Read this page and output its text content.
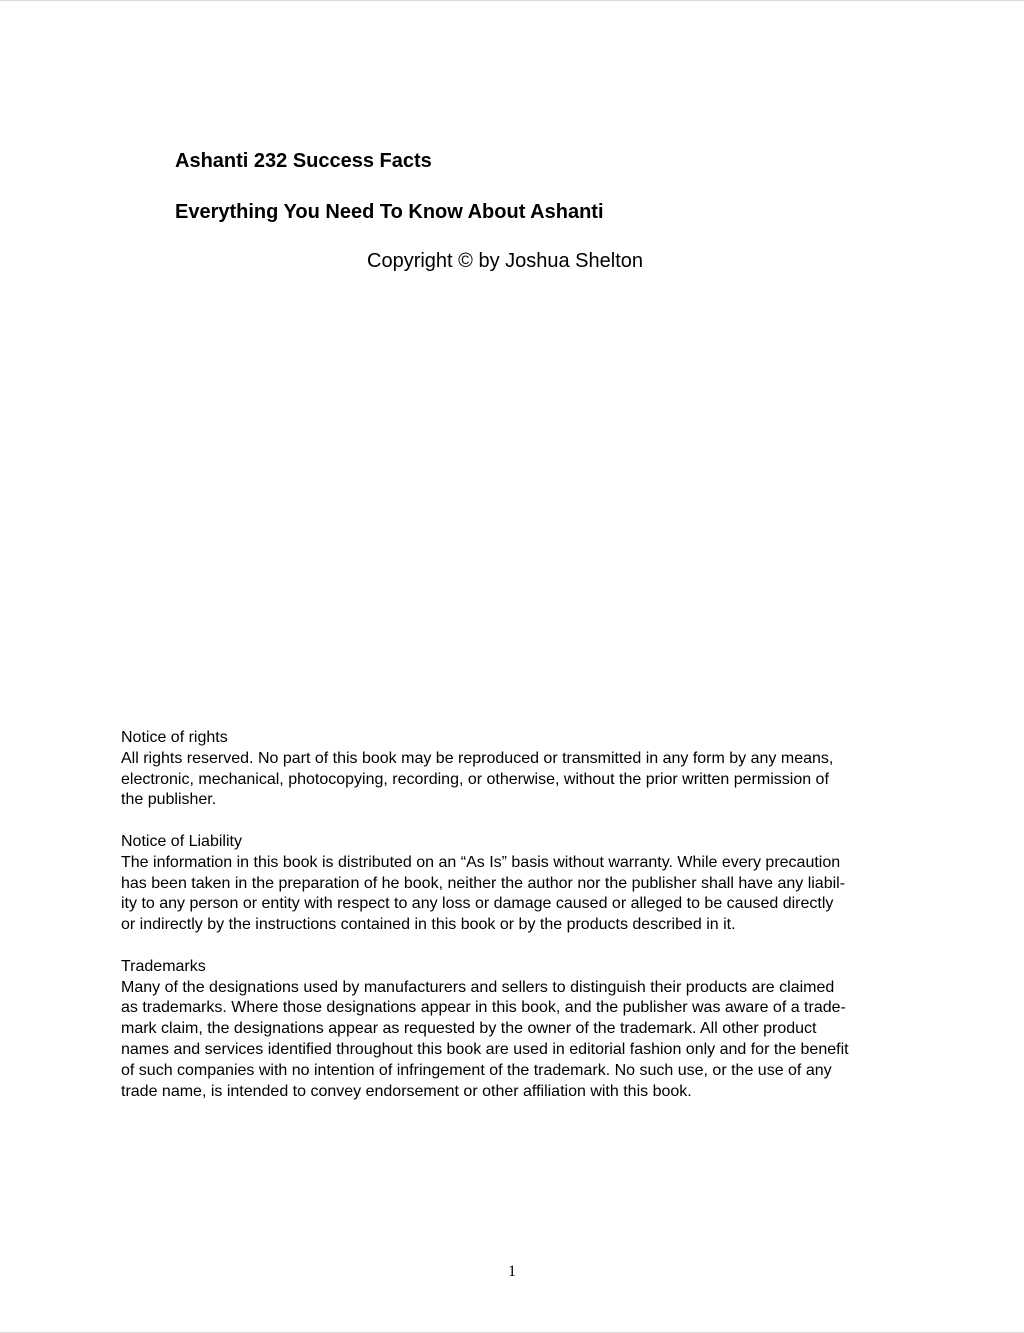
Ashanti 232 Success Facts
Everything You Need To Know About Ashanti

Copyright © by Joshua Shelton

Notice of rights

All rights reserved. No part of this book may be reproduced or transmitted in any form by any means,
electronic, mechanical, photocopying, recording, or otherwise, without the prior written permission of
the publisher.

Notice of Liability

The information in this book is distributed on an “As Is” basis without warranty. While every precaution
has been taken in the preparation of he book, neither the author nor the publisher shall have any liabil-
ity to any person or entity with respect to any loss or damage caused or alleged to be caused directly
or indirectly by the instructions contained in this book or by the products described in it.

Trademarks

Many of the designations used by manufacturers and sellers to distinguish their products are claimed
as trademarks. Where those designations appear in this book, and the publisher was aware of a trade-
mark claim, the designations appear as requested by the owner of the trademark. All other product
names and services identified throughout this book are used in editorial fashion only and for the benefit
of such companies with no intention of infringement of the trademark. No such use, or the use of any
trade name, is intended to convey endorsement or other affiliation with this book.

1
